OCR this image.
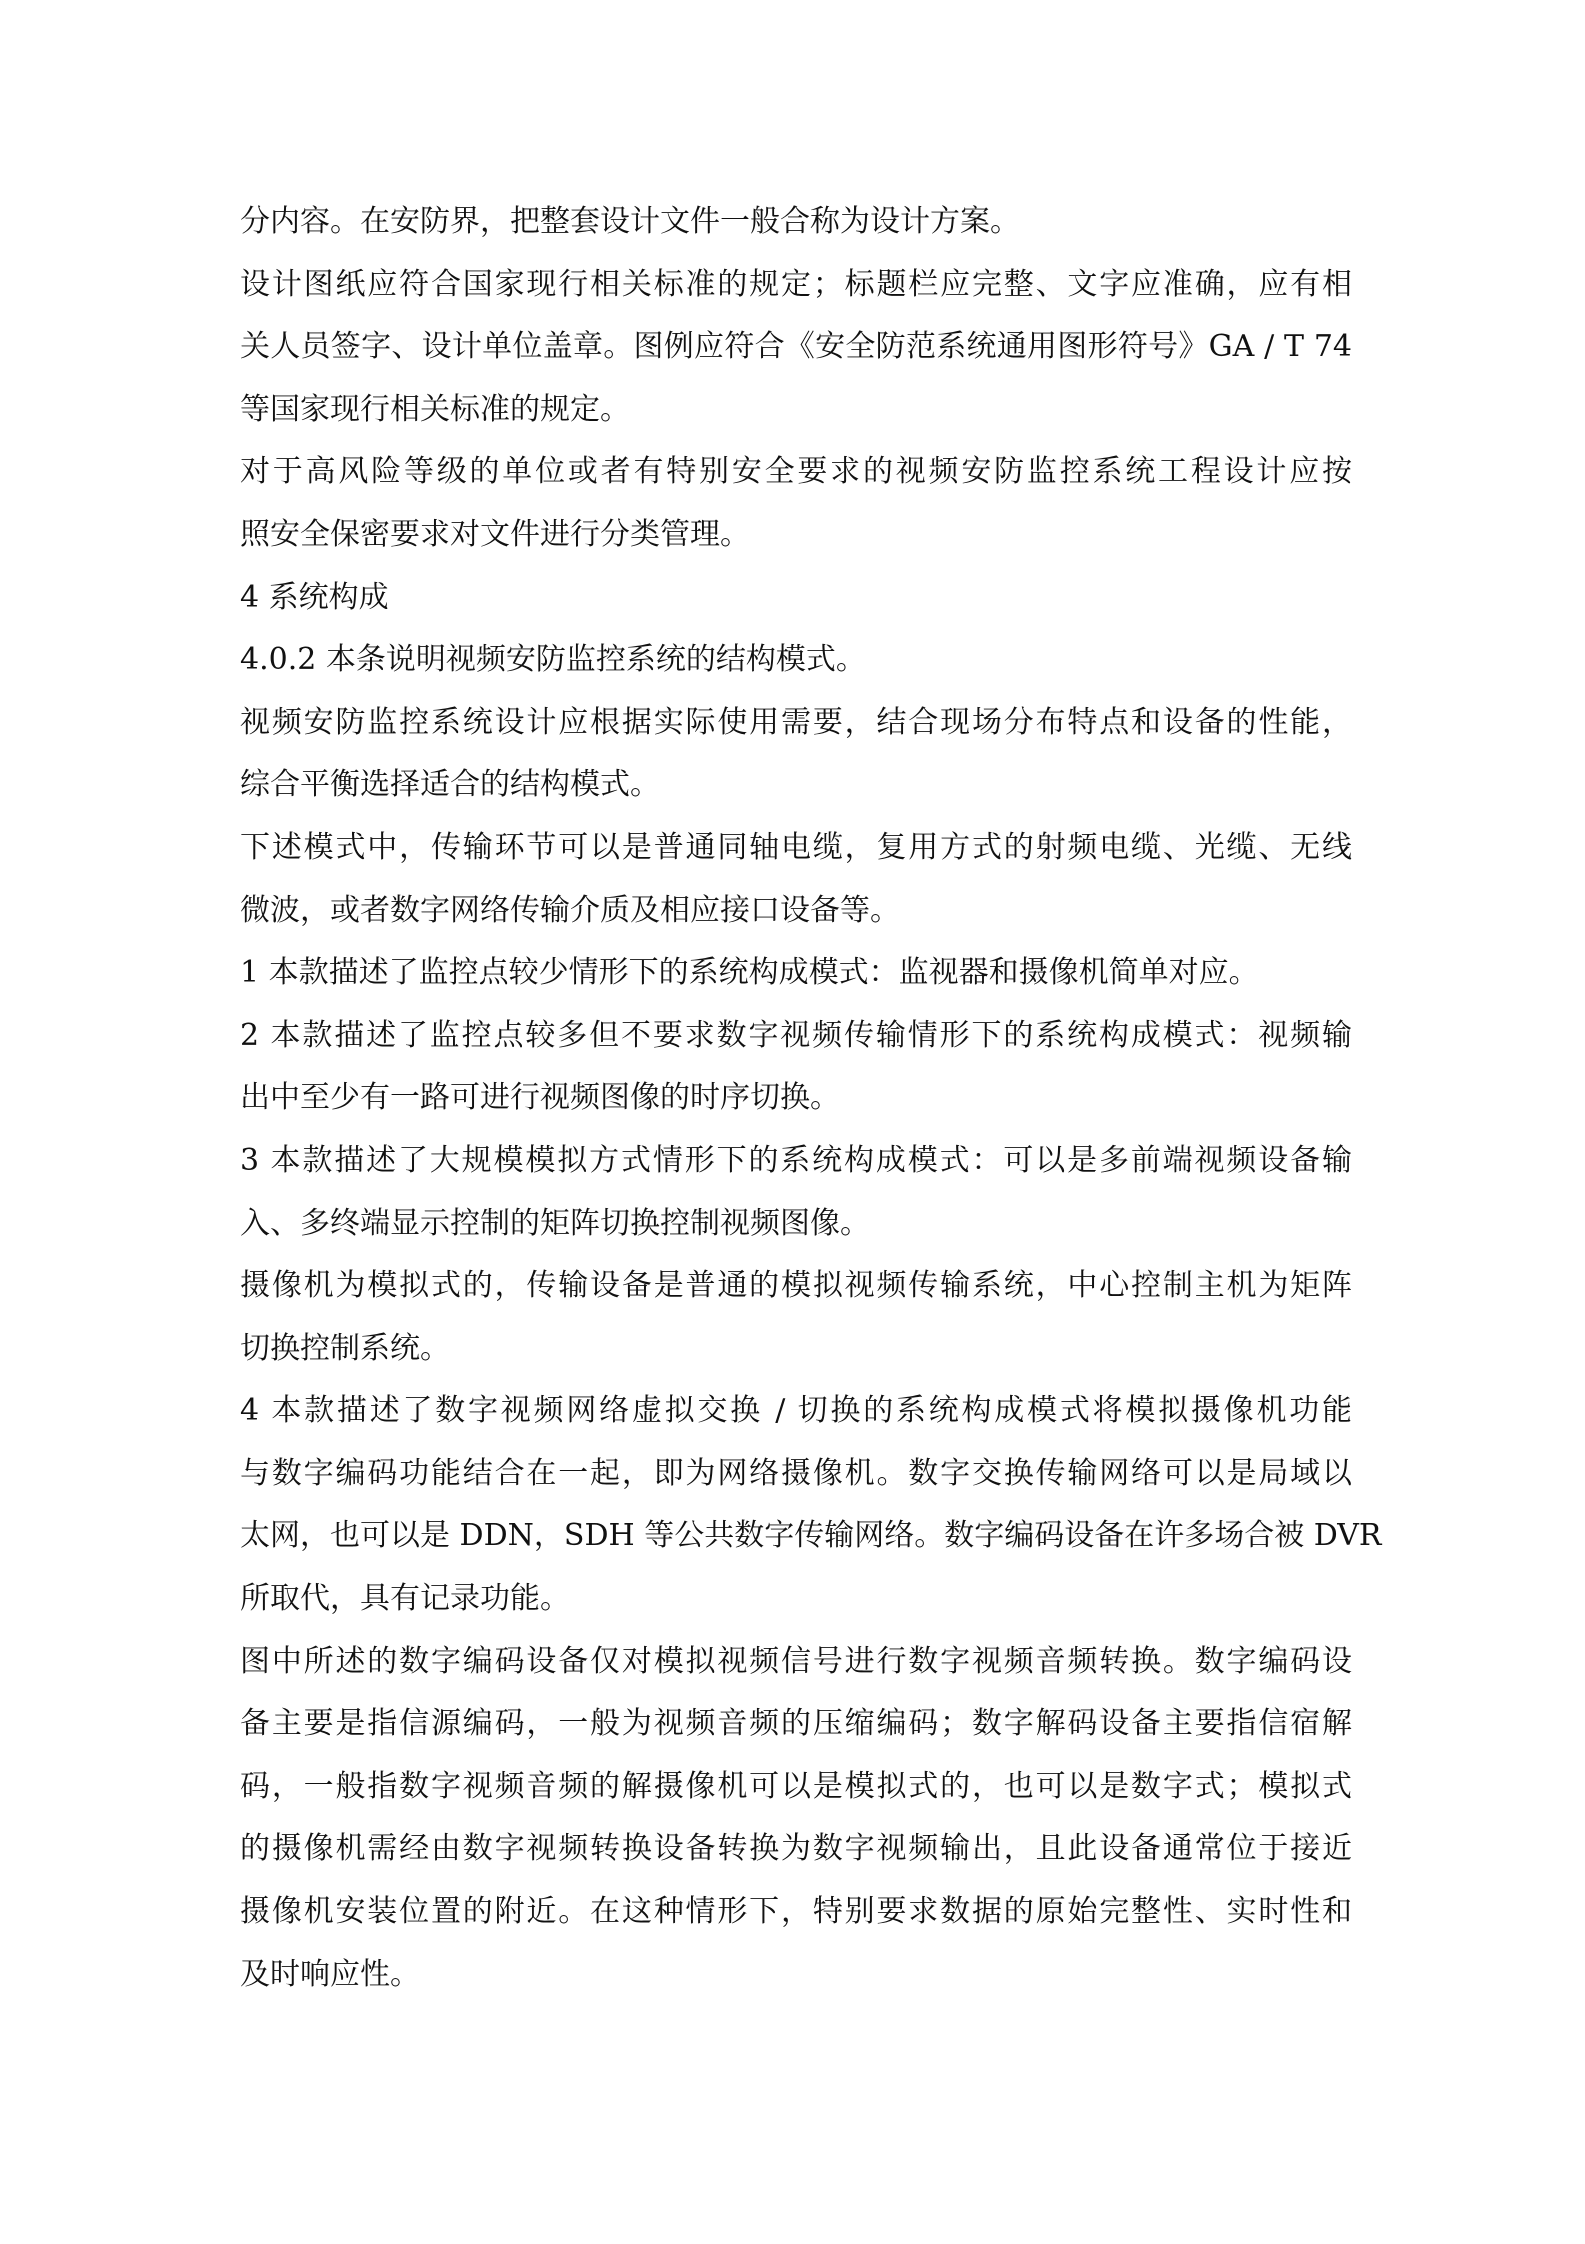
分内容。在安防界，把整套设计文件一般合称为设计方案。
设计图纸应符合国家现行相关标准的规定；标题栏应完整、文字应准确，应有相
关人员签字、设计单位盖章。图例应符合《安全防范系统通用图形符号》GA / T 74
等国家现行相关标准的规定。
对于高风险等级的单位或者有特别安全要求的视频安防监控系统工程设计应按
照安全保密要求对文件进行分类管理。
4 系统构成
4.0.2 本条说明视频安防监控系统的结构模式。
视频安防监控系统设计应根据实际使用需要，结合现场分布特点和设备的性能，
综合平衡选择适合的结构模式。
下述模式中，传输环节可以是普通同轴电缆，复用方式的射频电缆、光缆、无线
微波，或者数字网络传输介质及相应接口设备等。
1 本款描述了监控点较少情形下的系统构成模式：监视器和摄像机简单对应。
2 本款描述了监控点较多但不要求数字视频传输情形下的系统构成模式：视频输
出中至少有一路可进行视频图像的时序切换。
3 本款描述了大规模模拟方式情形下的系统构成模式：可以是多前端视频设备输
入、多终端显示控制的矩阵切换控制视频图像。
摄像机为模拟式的，传输设备是普通的模拟视频传输系统，中心控制主机为矩阵
切换控制系统。
4 本款描述了数字视频网络虚拟交换 / 切换的系统构成模式将模拟摄像机功能
与数字编码功能结合在一起，即为网络摄像机。数字交换传输网络可以是局域以
太网，也可以是 DDN，SDH 等公共数字传输网络。数字编码设备在许多场合被 DVR
所取代，具有记录功能。
图中所述的数字编码设备仅对模拟视频信号进行数字视频音频转换。数字编码设
备主要是指信源编码，一般为视频音频的压缩编码；数字解码设备主要指信宿解
码，一般指数字视频音频的解摄像机可以是模拟式的，也可以是数字式；模拟式
的摄像机需经由数字视频转换设备转换为数字视频输出，且此设备通常位于接近
摄像机安装位置的附近。在这种情形下，特别要求数据的原始完整性、实时性和
及时响应性。
